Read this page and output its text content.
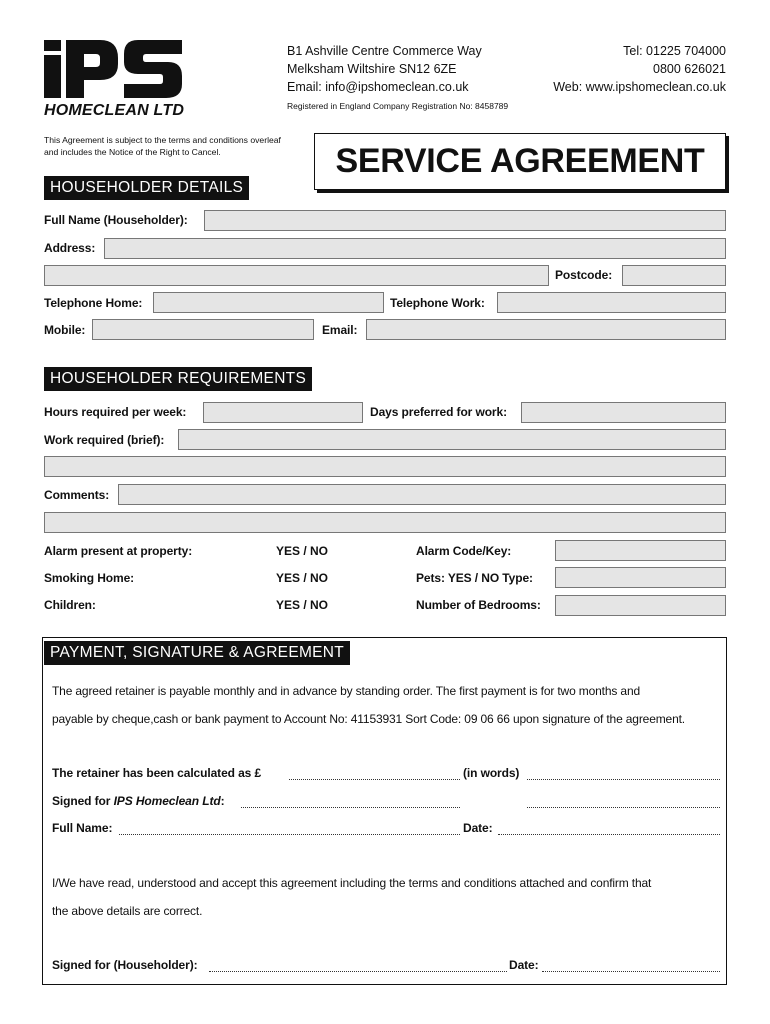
HOMECLEAN LTD
B1 Ashville Centre Commerce Way
Melksham Wiltshire SN12 6ZE
Email: info@ipshomeclean.co.uk
Tel: 01225 704000
0800 626021
Web: www.ipshomeclean.co.uk
Registered in England Company Registration No: 8458789
This Agreement is subject to the terms and conditions overleaf and includes the Notice of the Right to Cancel.	SERVICE AGREEMENT
HOUSEHOLDER DETAILS
Full Name (Householder):
Address:
Postcode:
Telephone Home:	Telephone Work:
Mobile:	Email:
HOUSEHOLDER REQUIREMENTS
Hours required per week:	Days preferred for work:
Work required (brief):
Comments:
Alarm present at property:	YES / NO	Alarm Code/Key:
Smoking Home:	YES / NO	Pets: YES / NO Type:
Children:	YES / NO	Number of Bedrooms:
PAYMENT, SIGNATURE & AGREEMENT
The agreed retainer is payable monthly and in advance by standing order. The first payment is for two months and
payable by cheque,cash or bank payment to Account No: 41153931 Sort Code: 09 06 66 upon signature of the agreement.
The retainer has been calculated as £	(in words)
Signed for IPS Homeclean Ltd:
Full Name:	Date:
I/We have read, understood and accept this agreement including the terms and conditions attached and confirm that
the above details are correct.
Signed for (Householder):	Date:
